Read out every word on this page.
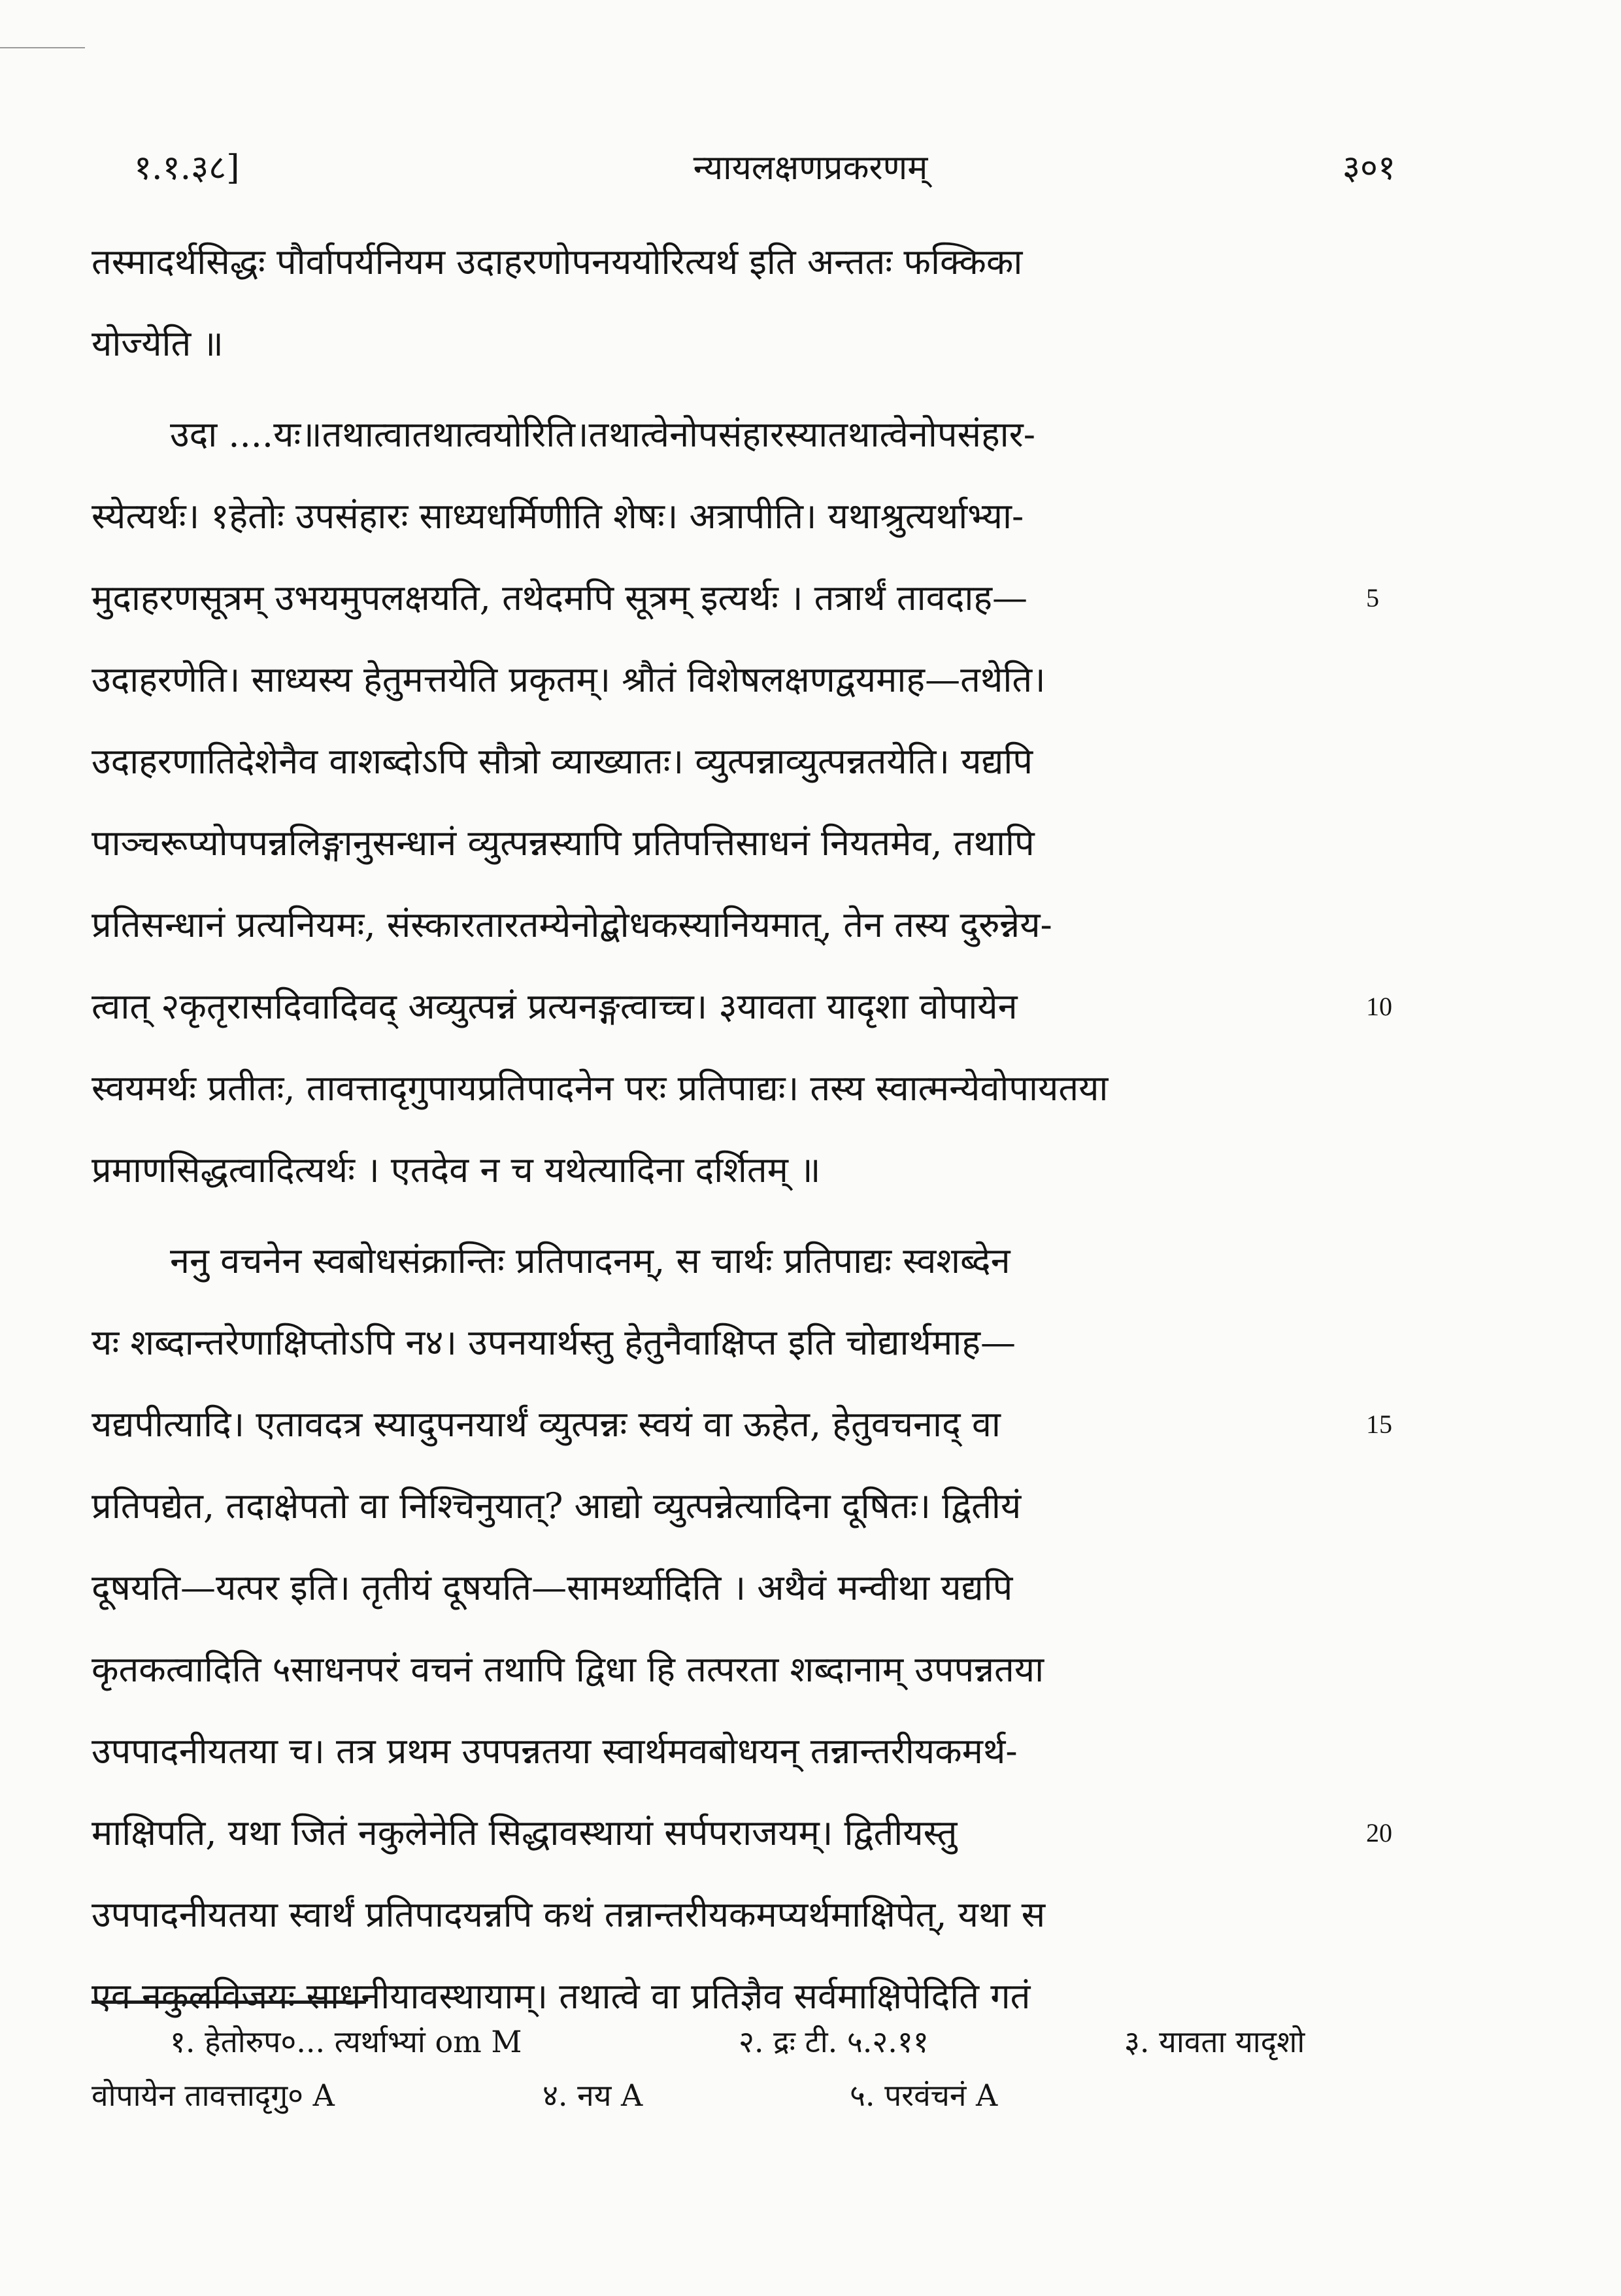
१.१.३८]	न्यायलक्षणप्रकरणम्	३०१
तस्मादर्थसिद्धः पौर्वापर्यनियम उदाहरणोपनययोरित्यर्थ इति अन्ततः फक्किका
योज्येति ॥
उदा ....यः॥तथात्वातथात्वयोरिति।तथात्वेनोपसंहारस्यातथात्वेनोपसंहार-
स्येत्यर्थः। १हेतोः उपसंहारः साध्यधर्मिणीति शेषः। अत्रापीति। यथाश्रुत्यर्थाभ्या-
मुदाहरणसूत्रम् उभयमुपलक्षयति, तथेदमपि सूत्रम् इत्यर्थः । तत्रार्थं तावदाह—
उदाहरणेति। साध्यस्य हेतुमत्तयेति प्रकृतम्। श्रौतं विशेषलक्षणद्वयमाह—तथेति।
उदाहरणातिदेशेनैव वाशब्दोऽपि सौत्रो व्याख्यातः। व्युत्पन्नाव्युत्पन्नतयेति। यद्यपि
पाञ्चरूप्योपपन्नलिङ्गानुसन्धानं व्युत्पन्नस्यापि प्रतिपत्तिसाधनं नियतमेव, तथापि
प्रतिसन्धानं प्रत्यनियमः, संस्कारतारतम्येनोद्बोधकस्यानियमात्, तेन तस्य दुरुन्नेय-
त्वात् २कृतृरासदिवादिवद् अव्युत्पन्नं प्रत्यनङ्गत्वाच्च। ३यावता यादृशा वोपायेन
स्वयमर्थः प्रतीतः, तावत्तादृगुपायप्रतिपादनेन परः प्रतिपाद्यः। तस्य स्वात्मन्येवोपायतया
प्रमाणसिद्धत्वादित्यर्थः । एतदेव न च यथेत्यादिना दर्शितम् ॥
ननु वचनेन स्वबोधसंक्रान्तिः प्रतिपादनम्, स चार्थः प्रतिपाद्यः स्वशब्देन
यः शब्दान्तरेणाक्षिप्तोऽपि न४। उपनयार्थस्तु हेतुनैवाक्षिप्त इति चोद्यार्थमाह—
यद्यपीत्यादि। एतावदत्र स्यादुपनयार्थं व्युत्पन्नः स्वयं वा ऊहेत, हेतुवचनाद् वा
प्रतिपद्येत, तदाक्षेपतो वा निश्चिनुयात्? आद्यो व्युत्पन्नेत्यादिना दूषितः। द्वितीयं
दूषयति—यत्पर इति। तृतीयं दूषयति—सामर्थ्यादिति । अथैवं मन्वीथा यद्यपि
कृतकत्वादिति ५साधनपरं वचनं तथापि द्विधा हि तत्परता शब्दानाम् उपपन्नतया
उपपादनीयतया च। तत्र प्रथम उपपन्नतया स्वार्थमवबोधयन् तन्नान्तरीयकमर्थ-
माक्षिपति, यथा जितं नकुलेनेति सिद्धावस्थायां सर्पपराजयम्। द्वितीयस्तु
उपपादनीयतया स्वार्थं प्रतिपादयन्नपि कथं तन्नान्तरीयकमप्यर्थमाक्षिपेत्, यथा स
एव नकुलविजयः साधनीयावस्थायाम्। तथात्वे वा प्रतिज्ञैव सर्वमाक्षिपेदिति गतं
5
10
15
20
१. हेतोरुप०... त्यर्थाभ्यां om M	२. द्रः टी. ५.२.११	३. यावता यादृशो
वोपायेन तावत्तादृगु० A	४. नय A	५. परवंचनं A
